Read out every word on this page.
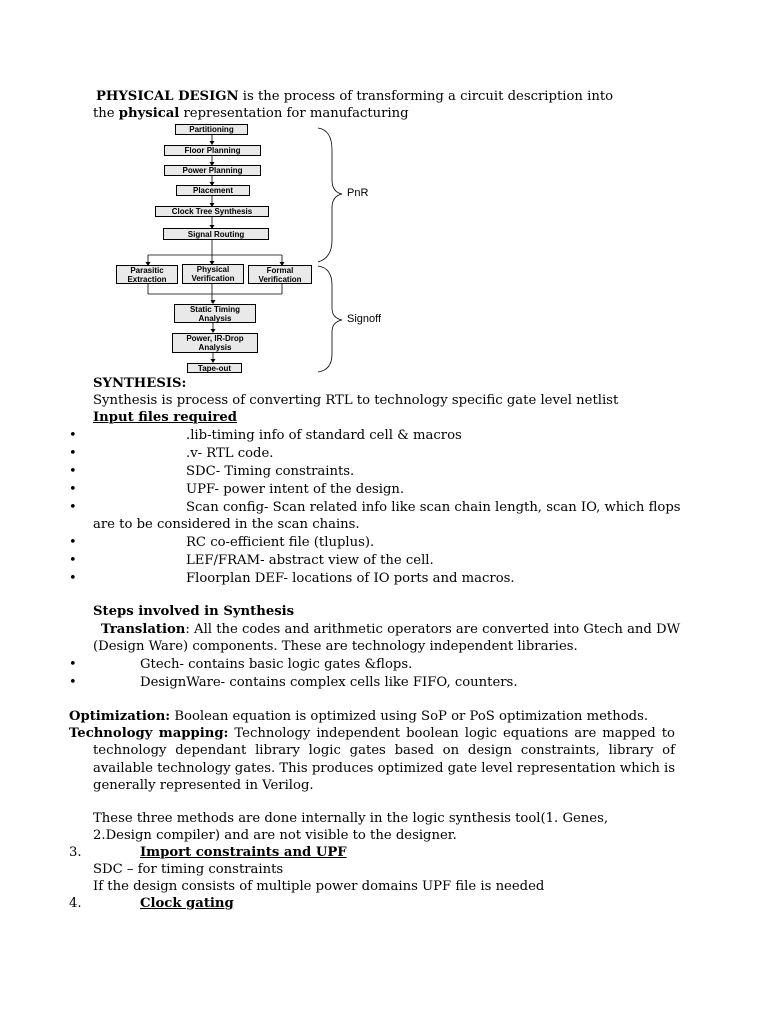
PHYSICAL DESIGN is the process of transforming a circuit description into
the physical representation for manufacturing
Partitioning
Floor Planning
Power Planning
Placement
Clock Tree Synthesis
Signal Routing
Parasitic Extraction
Physical Verification
Formal Verification
Static Timing Analysis
Power, IR-Drop Analysis
Tape-out
PnR
Signoff
SYNTHESIS:
Synthesis is process of converting RTL to technology specific gate level netlist
Input files required
•	.lib-timing info of standard cell & macros
•	.v- RTL code.
•	SDC- Timing constraints.
•	UPF- power intent of the design.
•	Scan config- Scan related info like scan chain length, scan IO, which flops
are to be considered in the scan chains.
•	RC co-efficient file (tluplus).
•	LEF/FRAM- abstract view of the cell.
•	Floorplan DEF- locations of IO ports and macros.
Steps involved in Synthesis
Translation: All the codes and arithmetic operators are converted into Gtech and DW
(Design Ware) components. These are technology independent libraries.
•	Gtech- contains basic logic gates &flops.
•	DesignWare- contains complex cells like FIFO, counters.
Optimization: Boolean equation is optimized using SoP or PoS optimization methods.
Technology mapping: Technology independent boolean logic equations are mapped to
technology dependant library logic gates based on design constraints, library of
available technology gates. This produces optimized gate level representation which is
generally represented in Verilog.
These three methods are done internally in the logic synthesis tool(1. Genes,
2.Design compiler) and are not visible to the designer.
3.	Import constraints and UPF
SDC – for timing constraints
If the design consists of multiple power domains UPF file is needed
4.	Clock gating
